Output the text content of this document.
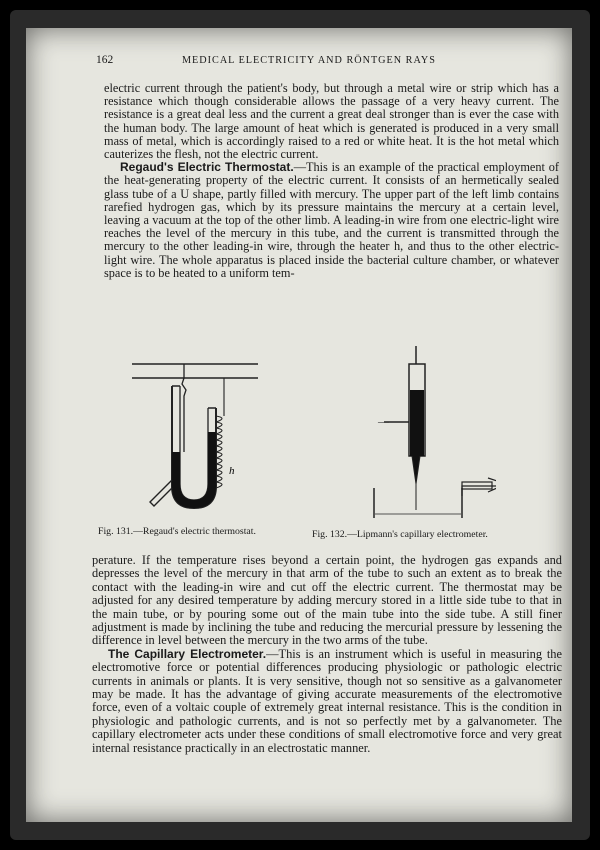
162	MEDICAL ELECTRICITY AND RÖNTGEN RAYS

electric current through the patient's body, but through a metal wire or strip which has a resistance which though considerable allows the passage of a very heavy current. The resistance is a great deal less and the current a great deal stronger than is ever the case with the human body. The large amount of heat which is generated is produced in a very small mass of metal, which is accordingly raised to a red or white heat. It is the hot metal which cauterizes the flesh, not the electric current.

Regaud's Electric Thermostat.—This is an example of the practical employment of the heat-generating property of the electric current. It consists of an hermetically sealed glass tube of a U shape, partly filled with mercury. The upper part of the left limb contains rarefied hydrogen gas, which by its pressure maintains the mercury at a certain level, leaving a vacuum at the top of the other limb. A leading-in wire from one electric-light wire reaches the level of the mercury in this tube, and the current is transmitted through the mercury to the other leading-in wire, through the heater h, and thus to the other electric-light wire. The whole apparatus is placed inside the bacterial culture chamber, or whatever space is to be heated to a uniform tem-

h
—
Fig. 131.—Regaud's electric thermostat.	Fig. 132.—Lipmann's capillary electrometer.

perature. If the temperature rises beyond a certain point, the hydrogen gas expands and depresses the level of the mercury in that arm of the tube to such an extent as to break the contact with the leading-in wire and cut off the electric current. The thermostat may be adjusted for any desired temperature by adding mercury stored in a little side tube to that in the main tube, or by pouring some out of the main tube into the side tube. A still finer adjustment is made by inclining the tube and reducing the mercurial pressure by lessening the difference in level between the mercury in the two arms of the tube.

The Capillary Electrometer.—This is an instrument which is useful in measuring the electromotive force or potential differences producing physiologic or pathologic electric currents in animals or plants. It is very sensitive, though not so sensitive as a galvanometer may be made. It has the advantage of giving accurate measurements of the electromotive force, even of a voltaic couple of extremely great internal resistance. This is the condition in physiologic and pathologic currents, and is not so perfectly met by a galvanometer. The capillary electrometer acts under these conditions of small electromotive force and very great internal resistance practically in an electrostatic manner.
